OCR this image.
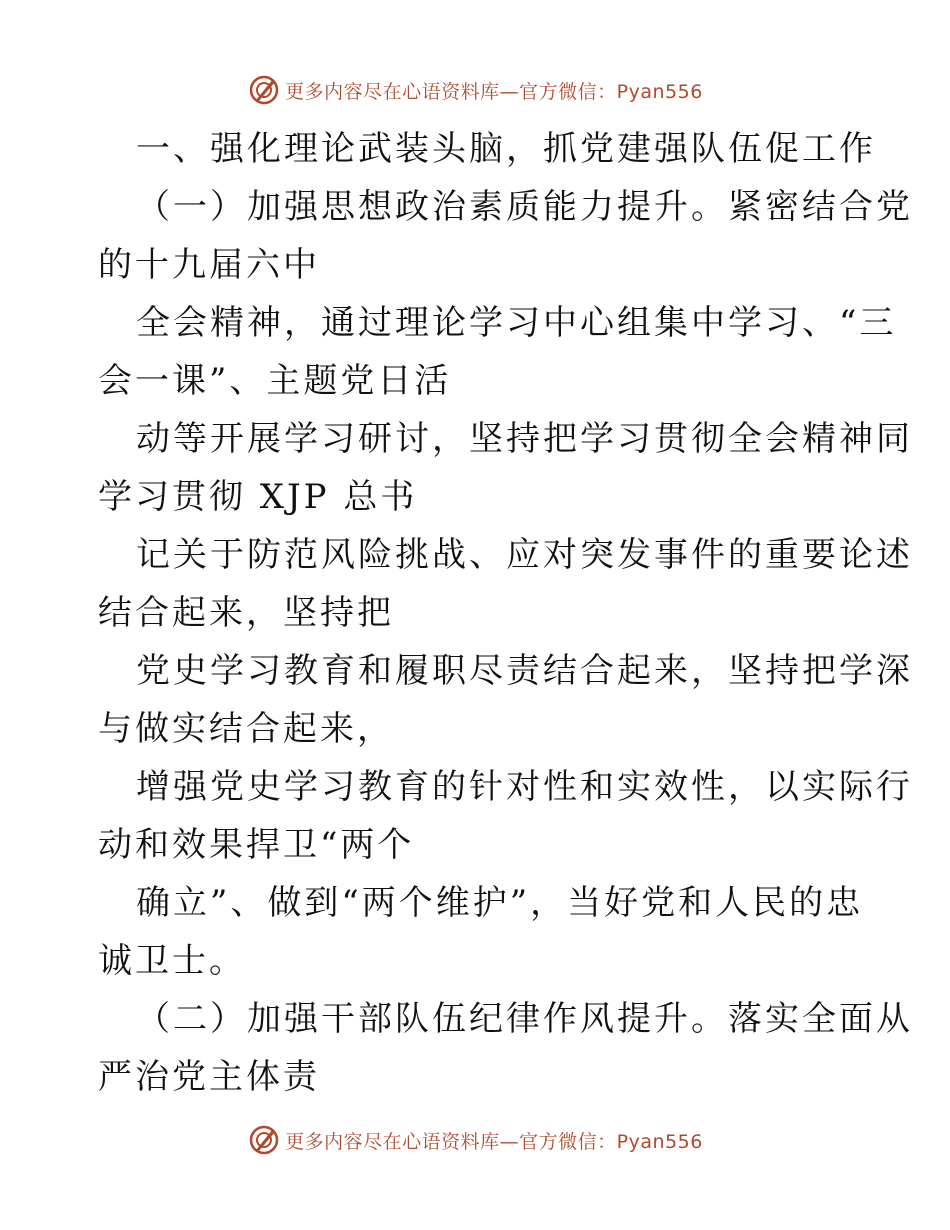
更多内容尽在心语资料库—官方微信：Pyan556
一、强化理论武装头脑，抓党建强队伍促工作
（一）加强思想政治素质能力提升。紧密结合党
的十九届六中
全会精神，通过理论学习中心组集中学习、“三
会一课”、主题党日活
动等开展学习研讨，坚持把学习贯彻全会精神同
学习贯彻 XJP 总书
记关于防范风险挑战、应对突发事件的重要论述
结合起来，坚持把
党史学习教育和履职尽责结合起来，坚持把学深
与做实结合起来，
增强党史学习教育的针对性和实效性，以实际行
动和效果捍卫“两个
确立”、做到“两个维护”，当好党和人民的忠
诚卫士。
（二）加强干部队伍纪律作风提升。落实全面从
严治党主体责
更多内容尽在心语资料库—官方微信：Pyan556
